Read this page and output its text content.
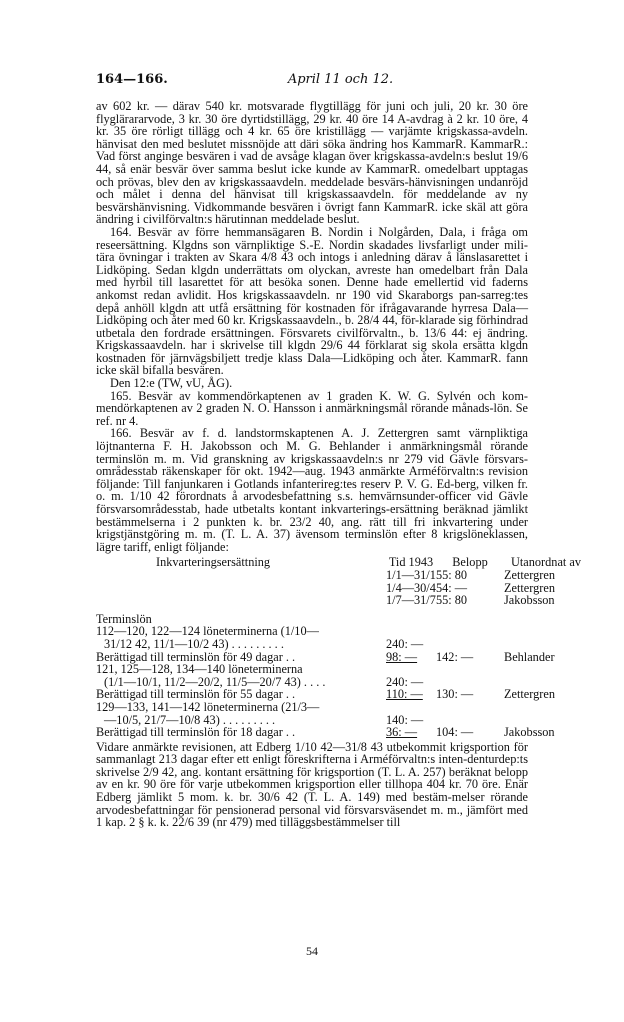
164—166.	April 11 och 12.

av 602 kr. — därav 540 kr. motsvarade flygtillägg för juni och juli, 20 kr. 30 öre flyglärararvode, 3 kr. 30 öre dyrtidstillägg, 29 kr. 40 öre 14 A-avdrag à 2 kr. 10 öre, 4 kr. 35 öre rörligt tillägg och 4 kr. 65 öre kristillägg — varjämte krigskassa-avdeln. hänvisat den med beslutet missnöjde att däri söka ändring hos KammarR. KammarR.: Vad först anginge besvären i vad de avsåge klagan över krigskassa-avdeln:s beslut 19/6 44, så enär besvär över samma beslut icke kunde av KammarR. omedelbart upptagas och prövas, blev den av krigskassaavdeln. meddelade besvärs-hänvisningen undanröjd och målet i denna del hänvisat till krigskassaavdeln. för meddelande av ny besvärshänvisning. Vidkommande besvären i övrigt fann KammarR. icke skäl att göra ändring i civilförvaltn:s härutinnan meddelade beslut.

164. Besvär av förre hemmansägaren B. Nordin i Nolgården, Dala, i fråga om reseersättning. Klgdns son värnpliktige S.-E. Nordin skadades livsfarligt under mili-tära övningar i trakten av Skara 4/8 43 och intogs i anledning därav å länslasarettet i Lidköping. Sedan klgdn underrättats om olyckan, avreste han omedelbart från Dala med hyrbil till lasarettet för att besöka sonen. Denne hade emellertid vid faderns ankomst redan avlidit. Hos krigskassaavdeln. nr 190 vid Skaraborgs pan-sarreg:tes depå anhöll klgdn att utfå ersättning för kostnaden för ifrågavarande hyrresa Dala—Lidköping och åter med 60 kr. Krigskassaavdeln., b. 28/4 44, för-klarade sig förhindrad utbetala den fordrade ersättningen. Försvarets civilförvaltn., b. 13/6 44: ej ändring. Krigskassaavdeln. har i skrivelse till klgdn 29/6 44 förklarat sig skola ersätta klgdn kostnaden för järnvägsbiljett tredje klass Dala—Lidköping och åter. KammarR. fann icke skäl bifalla besvären.

Den 12:e (TW, vU, ÅG).

165. Besvär av kommendörkaptenen av 1 graden K. W. G. Sylvén och kom-mendörkaptenen av 2 graden N. O. Hansson i anmärkningsmål rörande månads-lön. Se ref. nr 4.

166. Besvär av f. d. landstormskaptenen A. J. Zettergren samt värnpliktiga löjtnanterna F. H. Jakobsson och M. G. Behlander i anmärkningsmål rörande terminslön m. m. Vid granskning av krigskassaavdeln:s nr 279 vid Gävle försvars-områdesstab räkenskaper för okt. 1942—aug. 1943 anmärkte Arméförvaltn:s revision följande: Till fanjunkaren i Gotlands infanterireg:tes reserv P. V. G. Ed-berg, vilken fr. o. m. 1/10 42 förordnats å arvodesbefattning s.s. hemvärnsunder-officer vid Gävle försvarsområdesstab, hade utbetalts kontant inkvarterings-ersättning beräknad jämlikt bestämmelserna i 2 punkten k. br. 23/2 40, ang. rätt till fri inkvartering under krigstjänstgöring m. m. (T. L. A. 37) ävensom terminslön efter 8 krigslöneklassen, lägre tariff, enligt följande:

Inkvarteringsersättning	Tid 1943	Belopp	Utanordnat av
	1/1—31/1	55: 80	Zettergren
	1/4—30/4	54: —	Zettergren
	1/7—31/7	55: 80	Jakobsson

Terminslön			
112—120, 122—124 löneterminerna (1/10—			
31/12 42, 11/1—10/2 43) . . . . . . . . .	240: —		
Berättigad till terminslön för 49 dagar . .	98: —	142: —	Behlander
121, 125—128, 134—140 löneterminerna			
(1/1—10/1, 11/2—20/2, 11/5—20/7 43) . . . .	240: —		
Berättigad till terminslön för 55 dagar . .	110: —	130: —	Zettergren
129—133, 141—142 löneterminerna (21/3—			
—10/5, 21/7—10/8 43) . . . . . . . . .	140: —		
Berättigad till terminslön för 18 dagar . .	36: —	104: —	Jakobsson

Vidare anmärkte revisionen, att Edberg 1/10 42—31/8 43 utbekommit krigsportion för sammanlagt 213 dagar efter ett enligt föreskrifterna i Arméförvaltn:s inten-denturdep:ts skrivelse 2/9 42, ang. kontant ersättning för krigsportion (T. L. A. 257) beräknat belopp av en kr. 90 öre för varje utbekommen krigsportion eller tillhopa 404 kr. 70 öre. Enär Edberg jämlikt 5 mom. k. br. 30/6 42 (T. L. A. 149) med bestäm-melser rörande arvodesbefattningar för pensionerad personal vid försvarsväsendet m. m., jämfört med 1 kap. 2 § k. k. 22/6 39 (nr 479) med tilläggsbestämmelser till

54
